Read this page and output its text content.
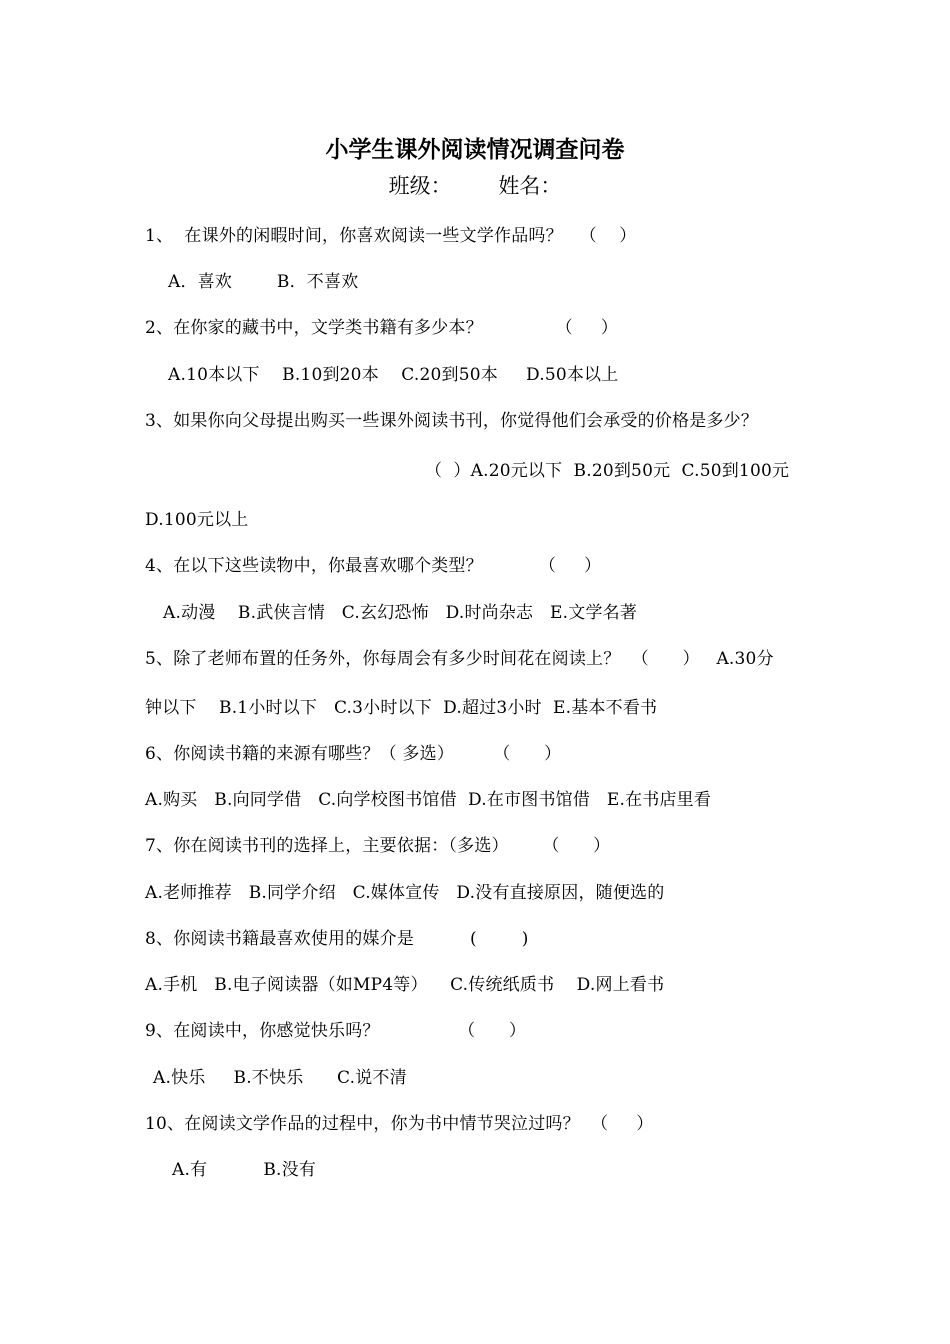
小学生课外阅读情况调查问卷
班级：       姓名：
1、  在课外的闲暇时间，你喜欢阅读一些文学作品吗？   （    ）
A．喜欢        B．不喜欢
2、在你家的藏书中，文学类书籍有多少本？             （     ）
A.10本以下    B.10到20本    C.20到50本     D.50本以上
3、如果你向父母提出购买一些课外阅读书刊，你觉得他们会承受的价格是多少？
（  ）A.20元以下  B.20到50元  C.50到100元
D.100元以上
4、在以下这些读物中，你最喜欢哪个类型？          （     ）
A.动漫    B.武侠言情   C.玄幻恐怖   D.时尚杂志   E.文学名著
5、除了老师布置的任务外，你每周会有多少时间花在阅读上？  （      ）   A.30分
钟以下    B.1小时以下   C.3小时以下  D.超过3小时  E.基本不看书
6、你阅读书籍的来源有哪些？（ 多选）       （      ）
A.购买   B.向同学借   C.向学校图书馆借  D.在市图书馆借   E.在书店里看
7、你在阅读书刊的选择上，主要依据：（多选）      （      ）
A.老师推荐   B.同学介绍   C.媒体宣传   D.没有直接原因，随便选的
8、你阅读书籍最喜欢使用的媒介是          (        )
A.手机   B.电子阅读器（如MP4等）    C.传统纸质书    D.网上看书
9、在阅读中，你感觉快乐吗？              （      ）
A.快乐     B.不快乐      C.说不清
10、在阅读文学作品的过程中，你为书中情节哭泣过吗？  （     ）
A.有          B.没有
